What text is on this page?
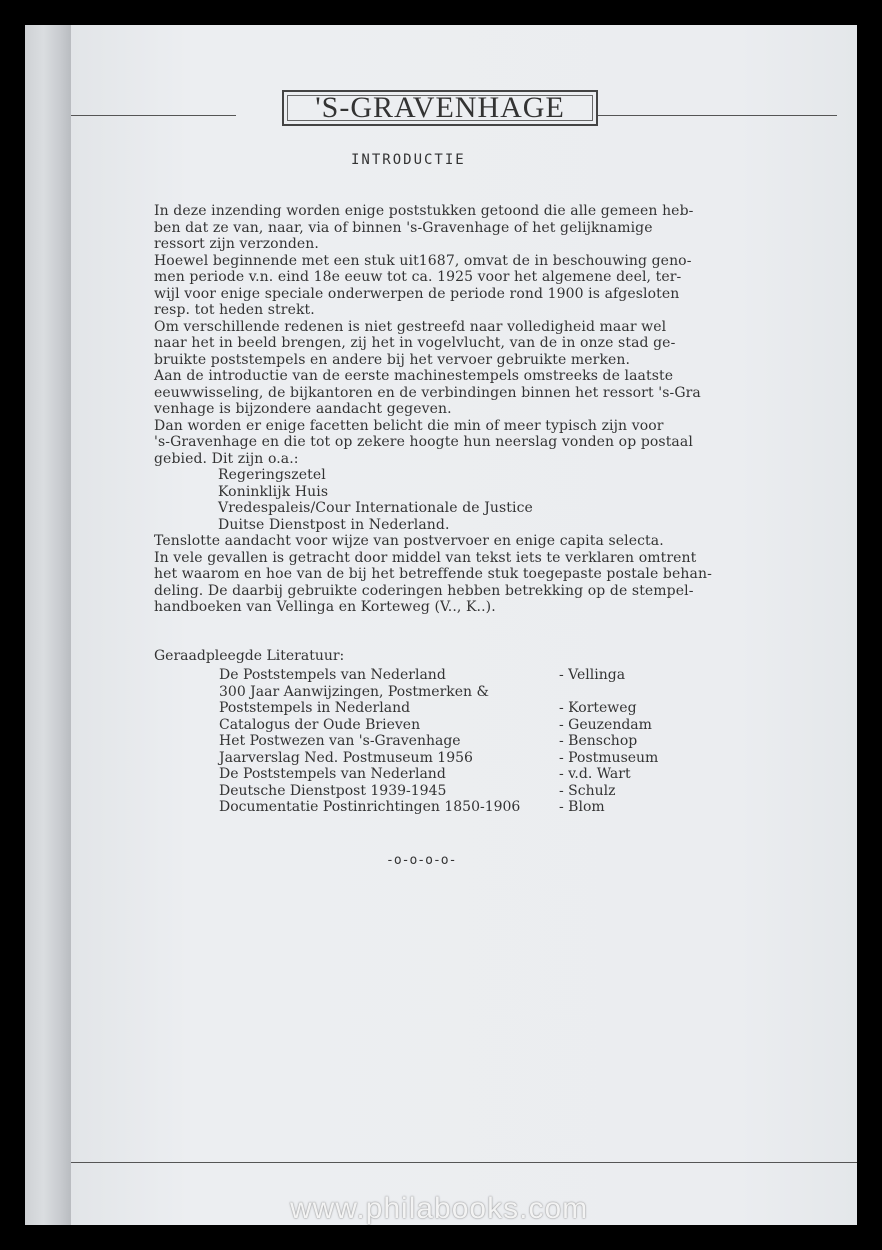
'S-GRAVENHAGE
INTRODUCTIE
In deze inzending worden enige poststukken getoond die alle gemeen heb-
ben dat ze van, naar, via of binnen 's-Gravenhage of het gelijknamige
ressort zijn verzonden.
Hoewel beginnende met een stuk uit1687, omvat de in beschouwing geno-
men periode v.n. eind 18e eeuw tot ca. 1925 voor het algemene deel, ter-
wijl voor enige speciale onderwerpen de periode rond 1900 is afgesloten
resp. tot heden strekt.
Om verschillende redenen is niet gestreefd naar volledigheid maar wel
naar het in beeld brengen, zij het in vogelvlucht, van de in onze stad ge-
bruikte poststempels en andere bij het vervoer gebruikte merken.
Aan de introductie van de eerste machinestempels omstreeks de laatste
eeuwwisseling, de bijkantoren en de verbindingen binnen het ressort 's-Gra
venhage is bijzondere aandacht gegeven.
Dan worden er enige facetten belicht die min of meer typisch zijn voor
's-Gravenhage en die tot op zekere hoogte hun neerslag vonden op postaal
gebied. Dit zijn o.a.:
Regeringszetel
Koninklijk Huis
Vredespaleis/Cour Internationale de Justice
Duitse Dienstpost in Nederland.
Tenslotte aandacht voor wijze van postvervoer en enige capita selecta.
In vele gevallen is getracht door middel van tekst iets te verklaren omtrent
het waarom en hoe van de bij het betreffende stuk toegepaste postale behan-
deling. De daarbij gebruikte coderingen hebben betrekking op de stempel-
handboeken van Vellinga en Korteweg (V.., K..).
Geraadpleegde Literatuur:
De Poststempels van Nederland	- Vellinga
300 Jaar Aanwijzingen, Postmerken &
Poststempels in Nederland	- Korteweg
Catalogus der Oude Brieven	- Geuzendam
Het Postwezen van 's-Gravenhage	- Benschop
Jaarverslag Ned. Postmuseum 1956	- Postmuseum
De Poststempels van Nederland	- v.d. Wart
Deutsche Dienstpost 1939-1945	- Schulz
Documentatie Postinrichtingen 1850-1906	- Blom
-o-o-o-o-
www.philabooks.com
